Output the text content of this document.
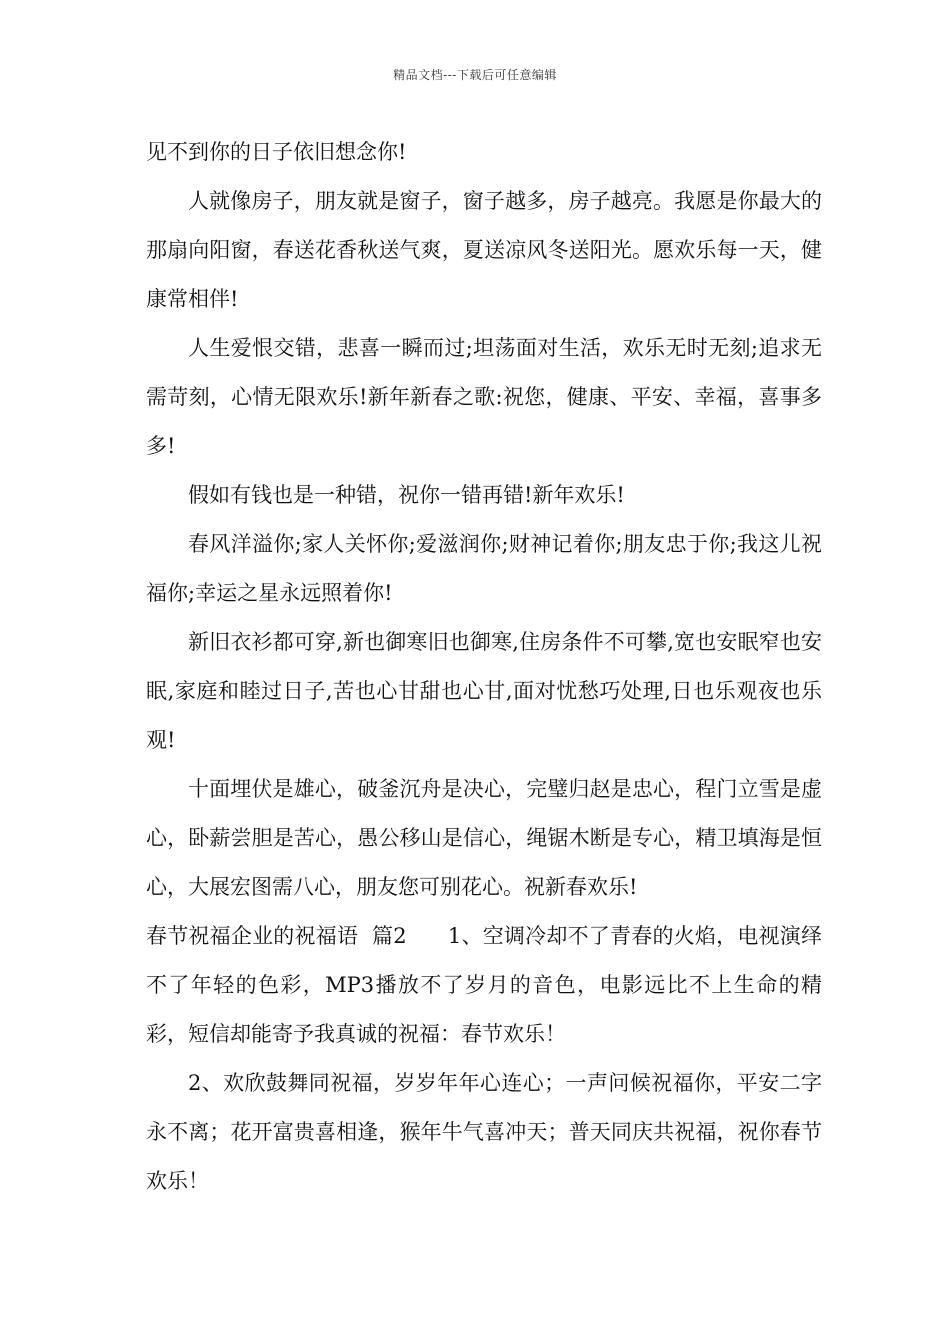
精品文档---下载后可任意编辑

见不到你的日子依旧想念你!

人就像房子，朋友就是窗子，窗子越多，房子越亮。我愿是你最大的那扇向阳窗，春送花香秋送气爽，夏送凉风冬送阳光。愿欢乐每一天，健康常相伴!

人生爱恨交错，悲喜一瞬而过;坦荡面对生活，欢乐无时无刻;追求无需苛刻，心情无限欢乐!新年新春之歌:祝您，健康、平安、幸福，喜事多多!

假如有钱也是一种错，祝你一错再错!新年欢乐!

春风洋溢你;家人关怀你;爱滋润你;财神记着你;朋友忠于你;我这儿祝福你;幸运之星永远照着你!

新旧衣衫都可穿,新也御寒旧也御寒,住房条件不可攀,宽也安眠窄也安眠,家庭和睦过日子,苦也心甘甜也心甘,面对忧愁巧处理,日也乐观夜也乐观!

十面埋伏是雄心，破釜沉舟是决心，完璧归赵是忠心，程门立雪是虚心，卧薪尝胆是苦心，愚公移山是信心，绳锯木断是专心，精卫填海是恒心，大展宏图需八心，朋友您可别花心。祝新春欢乐!

春节祝福企业的祝福语  篇2      1、空调冷却不了青春的火焰，电视演绎不了年轻的色彩，MP3播放不了岁月的音色，电影远比不上生命的精彩，短信却能寄予我真诚的祝福：春节欢乐！

2、欢欣鼓舞同祝福，岁岁年年心连心；一声问候祝福你，平安二字永不离；花开富贵喜相逢，猴年牛气喜冲天；普天同庆共祝福，祝你春节欢乐！
